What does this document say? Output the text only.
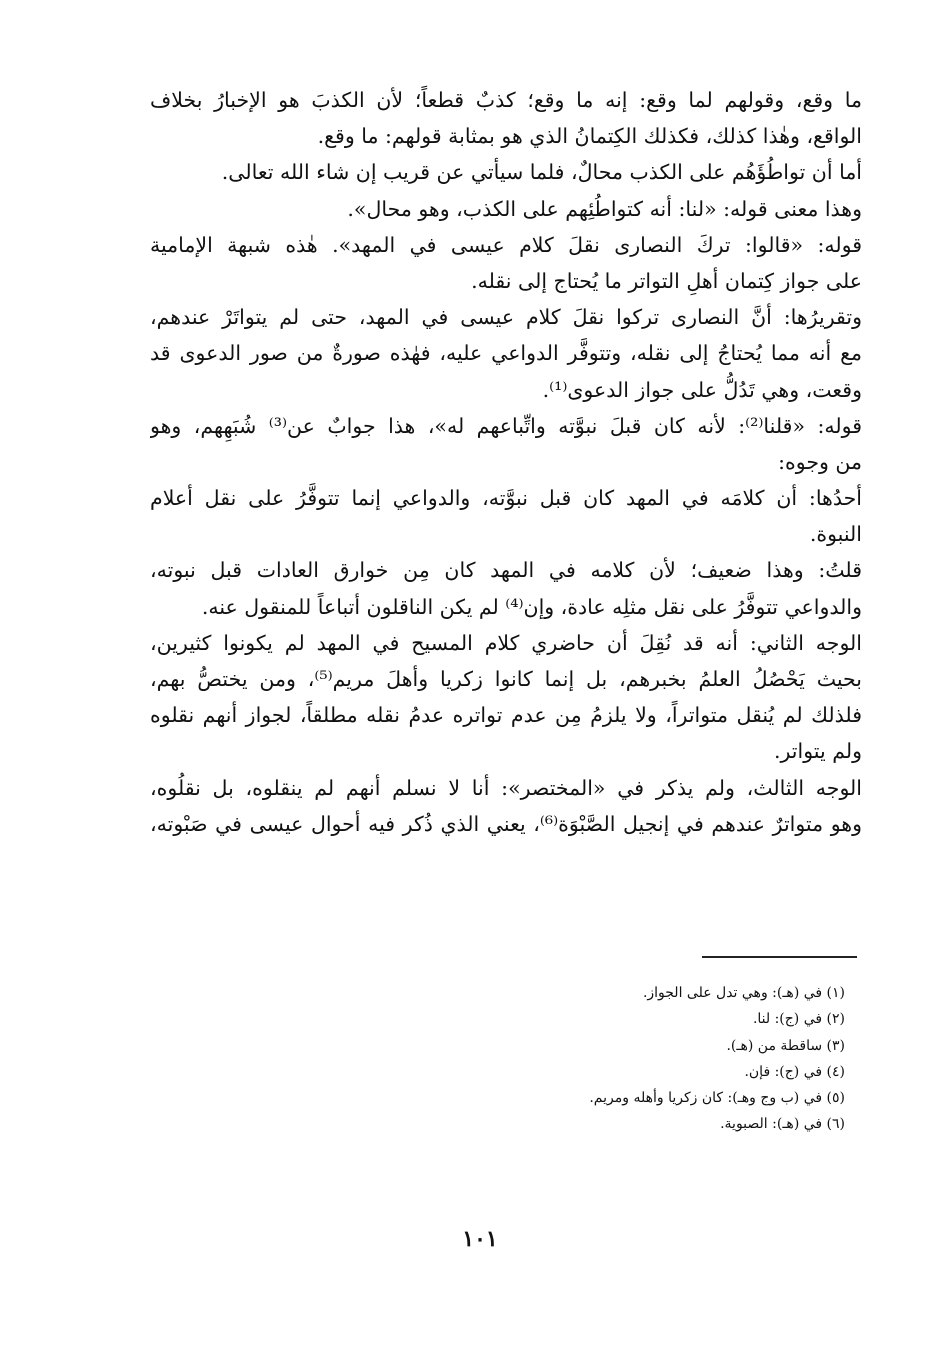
ما وقع، وقولهم لما وقع: إنه ما وقع؛ كذبٌ قطعاً؛ لأن الكذبَ هو الإخبارُ بخلاف
الواقع، وهٰذا كذلك، فكذلك الكِتمانُ الذي هو بمثابة قولهم: ما وقع.
أما أن تواطُؤَهُم على الكذب محالٌ، فلما سيأتي عن قريب إن شاء الله تعالى.
وهذا معنى قوله: «لنا: أنه كتواطُئِهم على الكذب، وهو محال».
قوله: «قالوا: تركَ النصارى نقلَ كلام عيسى في المهد». هٰذه شبهة الإمامية
على جواز كِتمان أهلِ التواتر ما يُحتاج إلى نقله.
وتقريرُها: أنَّ النصارى تركوا نقلَ كلام عيسى في المهد، حتى لم يتواتَرْ عندهم،
مع أنه مما يُحتاجُ إلى نقله، وتتوفَّر الدواعي عليه، فهٰذه صورةٌ من صور الدعوى قد
وقعت، وهي تَدُلُّ على جواز الدعوى⁽¹⁾.
قوله: «قلنا⁽²⁾: لأنه كان قبلَ نبوَّته واتِّباعهم له»، هذا جوابٌ عن⁽³⁾ شُبَهِهم، وهو
من وجوه:
أحدُها: أن كلامَه في المهد كان قبل نبوَّته، والدواعي إنما تتوفَّرُ على نقل أعلام
النبوة.
قلتُ: وهذا ضعيف؛ لأن كلامه في المهد كان مِن خوارق العادات قبل نبوته،
والدواعي تتوفَّرُ على نقل مثلِه عادة، وإن⁽⁴⁾ لم يكن الناقلون أتباعاً للمنقول عنه.
الوجه الثاني: أنه قد نُقِلَ أن حاضري كلام المسيح في المهد لم يكونوا كثيرين،
بحيث يَحْصُلُ العلمُ بخبرهم، بل إنما كانوا زكريا وأهلَ مريم⁽⁵⁾، ومن يختصُّ بهم،
فلذلك لم يُنقل متواتراً، ولا يلزمُ مِن عدم تواتره عدمُ نقله مطلقاً، لجواز أنهم نقلوه
ولم يتواتر.
الوجه الثالث، ولم يذكر في «المختصر»: أنا لا نسلم أنهم لم ينقلوه، بل نقلُوه،
وهو متواترٌ عندهم في إنجيل الصَّبْوَة⁽⁶⁾، يعني الذي ذُكر فيه أحوال عيسى في صَبْوته،
(١) في (هـ): وهي تدل على الجواز.
(٢) في (ج): لنا.
(٣) ساقطة من (هـ).
(٤) في (ج): فإن.
(٥) في (ب وج وهـ): كان زكريا وأهله ومريم.
(٦) في (هـ): الصبوية.
١٠١
